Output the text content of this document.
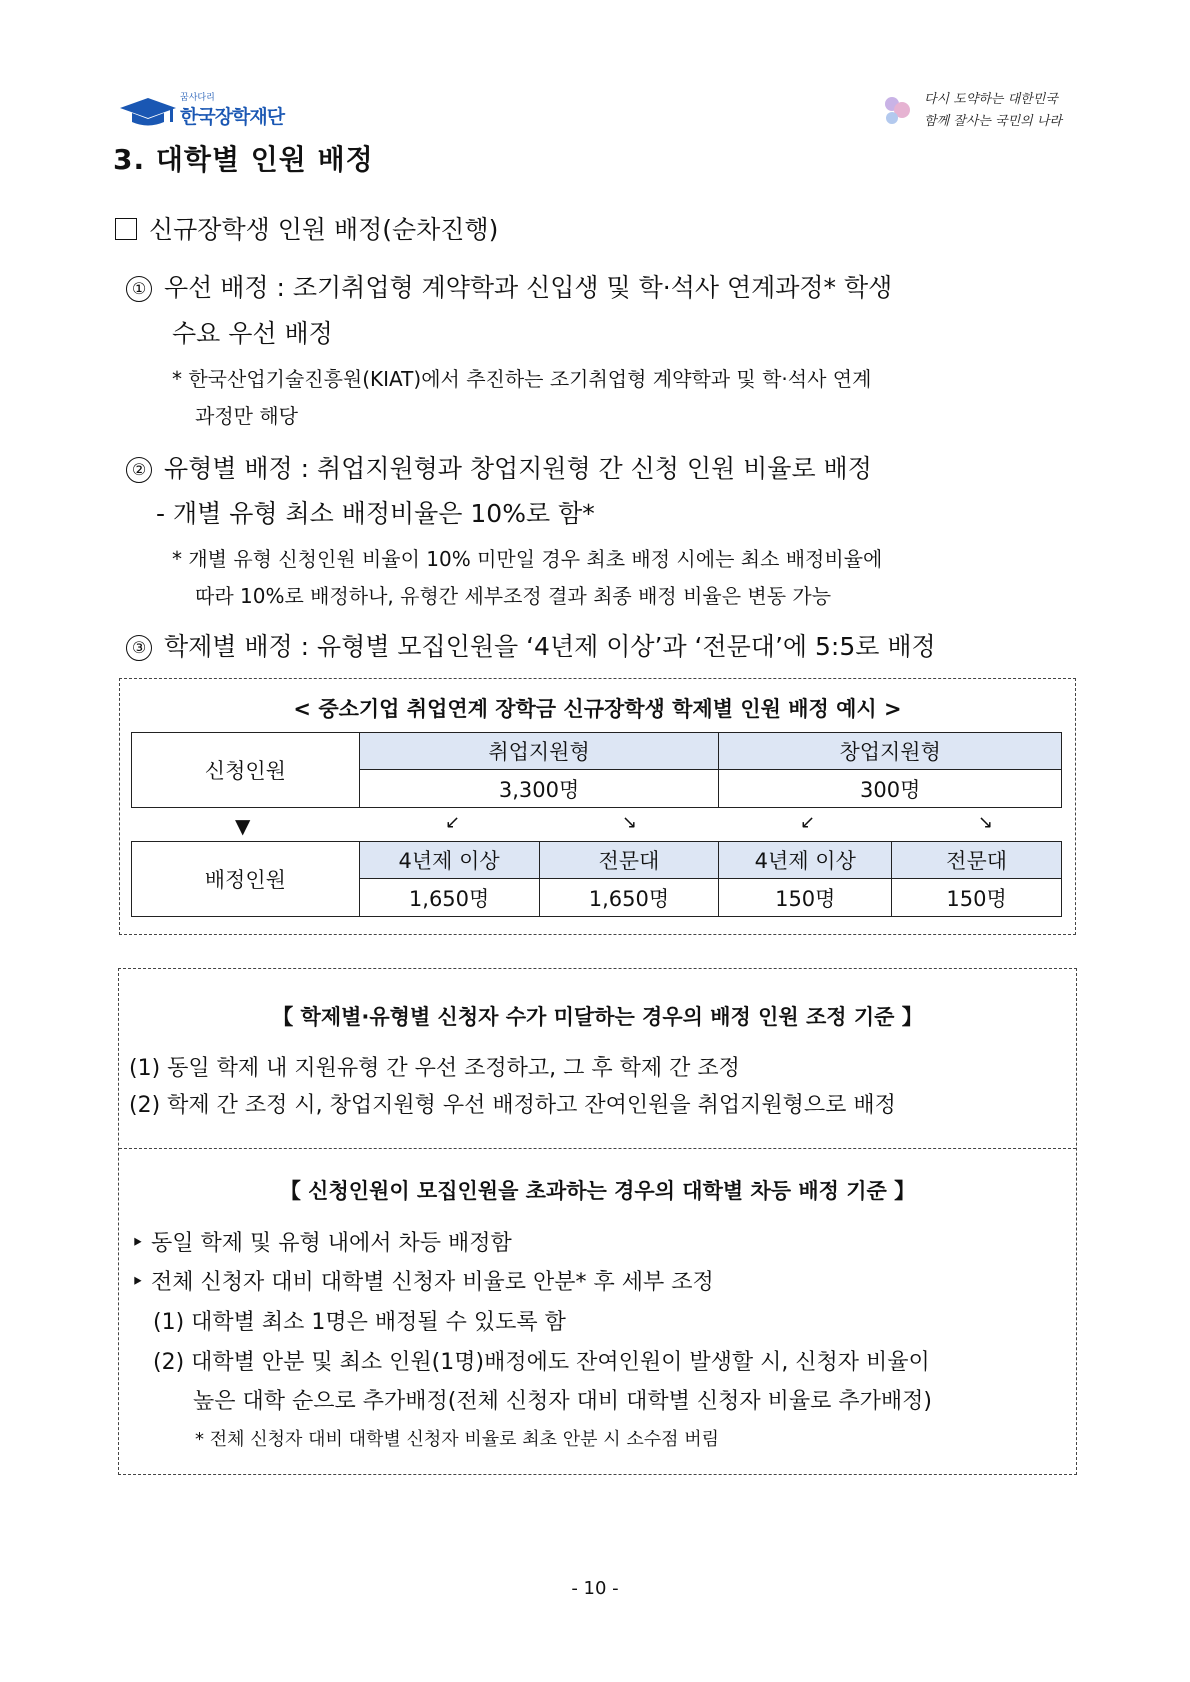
꿈사다리
한국장학재단
다시 도약하는 대한민국
함께 잘사는 국민의 나라
3. 대학별 인원 배정
신규장학생 인원 배정(순차진행)
① 우선 배정 : 조기취업형 계약학과 신입생 및 학·석사 연계과정* 학생
수요 우선 배정
* 한국산업기술진흥원(KIAT)에서 추진하는 조기취업형 계약학과 및 학·석사 연계
과정만 해당
② 유형별 배정 : 취업지원형과 창업지원형 간 신청 인원 비율로 배정
- 개별 유형 최소 배정비율은 10%로 함*
* 개별 유형 신청인원 비율이 10% 미만일 경우 최초 배정 시에는 최소 배정비율에
따라 10%로 배정하나, 유형간 세부조정 결과 최종 배정 비율은 변동 가능
③ 학제별 배정 : 유형별 모집인원을 ‘4년제 이상’과 ‘전문대’에 5:5로 배정
< 중소기업 취업연계 장학금 신규장학생 학제별 인원 배정 예시 >
신청인원	취업지원형	창업지원형
	3,300명	300명
▼	↙	↘	↙	↘
배정인원	4년제 이상	전문대	4년제 이상	전문대
	1,650명	1,650명	150명	150명
【 학제별·유형별 신청자 수가 미달하는 경우의 배정 인원 조정 기준 】
(1) 동일 학제 내 지원유형 간 우선 조정하고, 그 후 학제 간 조정
(2) 학제 간 조정 시, 창업지원형 우선 배정하고 잔여인원을 취업지원형으로 배정
【 신청인원이 모집인원을 초과하는 경우의 대학별 차등 배정 기준 】
‣ 동일 학제 및 유형 내에서 차등 배정함
‣ 전체 신청자 대비 대학별 신청자 비율로 안분* 후 세부 조정
(1) 대학별 최소 1명은 배정될 수 있도록 함
(2) 대학별 안분 및 최소 인원(1명)배정에도 잔여인원이 발생할 시, 신청자 비율이
높은 대학 순으로 추가배정(전체 신청자 대비 대학별 신청자 비율로 추가배정)
* 전체 신청자 대비 대학별 신청자 비율로 최초 안분 시 소수점 버림
- 10 -
